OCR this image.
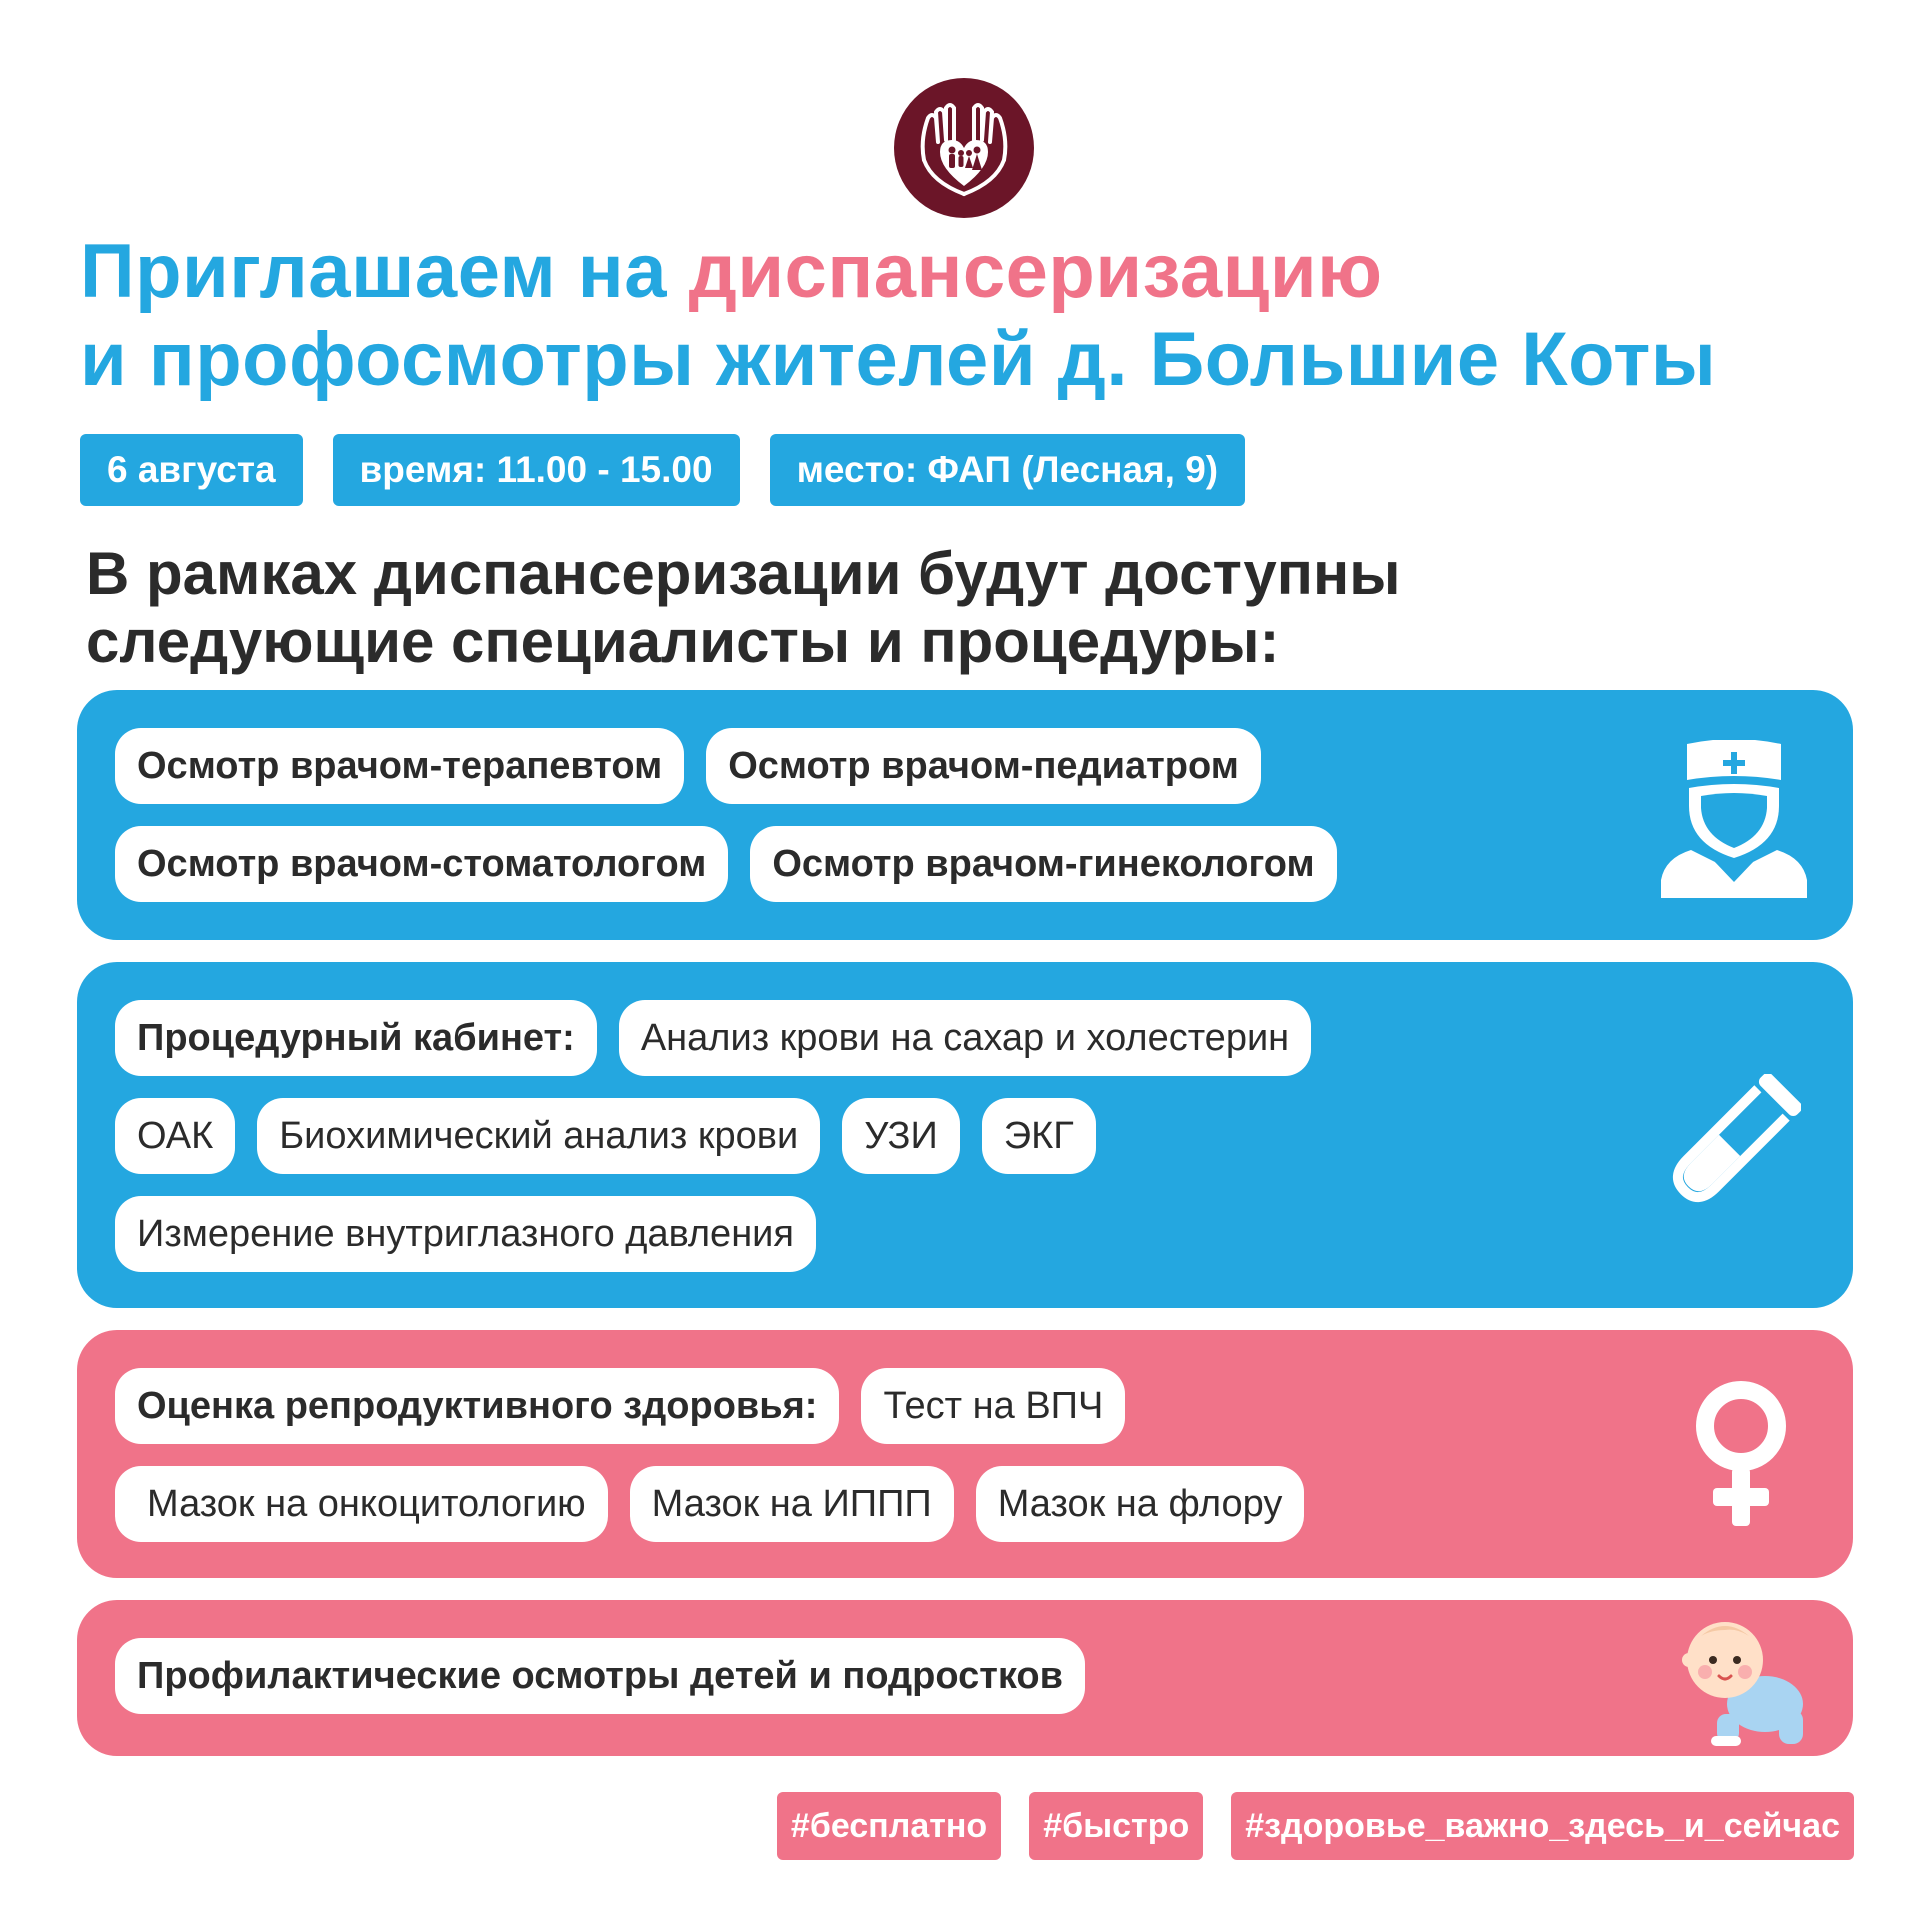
Приглашаем на диспансеризацию
и профосмотры жителей д. Большие Коты
6 августа	время: 11.00 - 15.00	место: ФАП (Лесная, 9)
В рамках диспансеризации будут доступны
следующие специалисты и процедуры:
Осмотр врачом-терапевтом	Осмотр врачом-педиатром
Осмотр врачом-стоматологом	Осмотр врачом-гинекологом
Процедурный кабинет:	Анализ крови на сахар и холестерин
ОАК	Биохимический анализ крови	УЗИ	ЭКГ
Измерение внутриглазного давления
Оценка репродуктивного здоровья:	Тест на ВПЧ
Мазок на онкоцитологию	Мазок на ИППП	Мазок на флору
Профилактические осмотры детей и подростков
#бесплатно	#быстро	#здоровье_важно_здесь_и_сейчас
